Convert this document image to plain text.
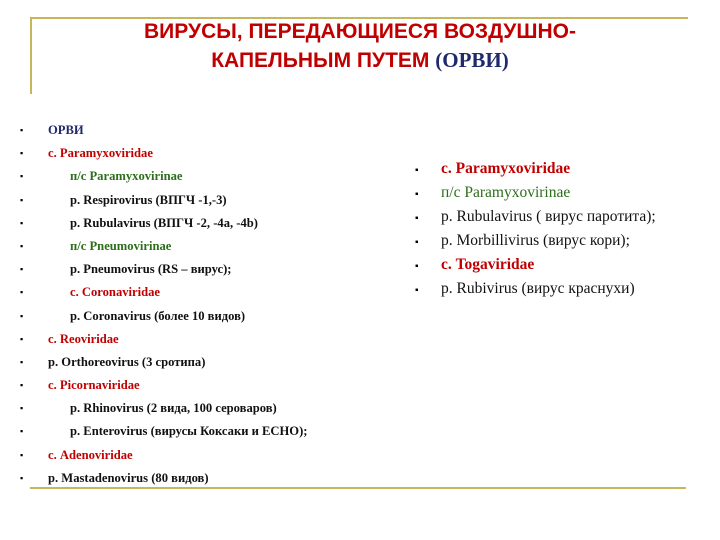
ВИРУСЫ, ПЕРЕДАЮЩИЕСЯ ВОЗДУШНО-
КАПЕЛЬНЫМ ПУТЕМ (ОРВИ)
▪ ОРВИ
▪ с. Paramyxoviridae
▪	п/с Paramyxovirinae
▪	р. Respirovirus (ВПГЧ -1,-3)
▪	р. Rubulavirus (ВПГЧ -2, -4a, -4b)
▪	п/с Pneumovirinae
▪	р. Pneumovirus (RS – вирус);
▪	с. Coronaviridae
▪	р. Coronavirus (более 10 видов)
▪ с. Reoviridae
▪ р. Orthoreovirus (3 сротипа)
▪ с. Picornaviridae
▪	р. Rhinovirus (2 вида, 100 сероваров)
▪	р. Enterovirus (вирусы Коксаки и ЕСНО);
▪ с. Adenoviridae
▪ р. Mastadenovirus (80 видов)
▪ с. Paramyxoviridae
▪ п/с Paramyxovirinae
▪ р. Rubulavirus ( вирус паротита);
▪ р. Morbillivirus (вирус кори);
▪ с. Togaviridae
▪ р. Rubivirus (вирус краснухи)
